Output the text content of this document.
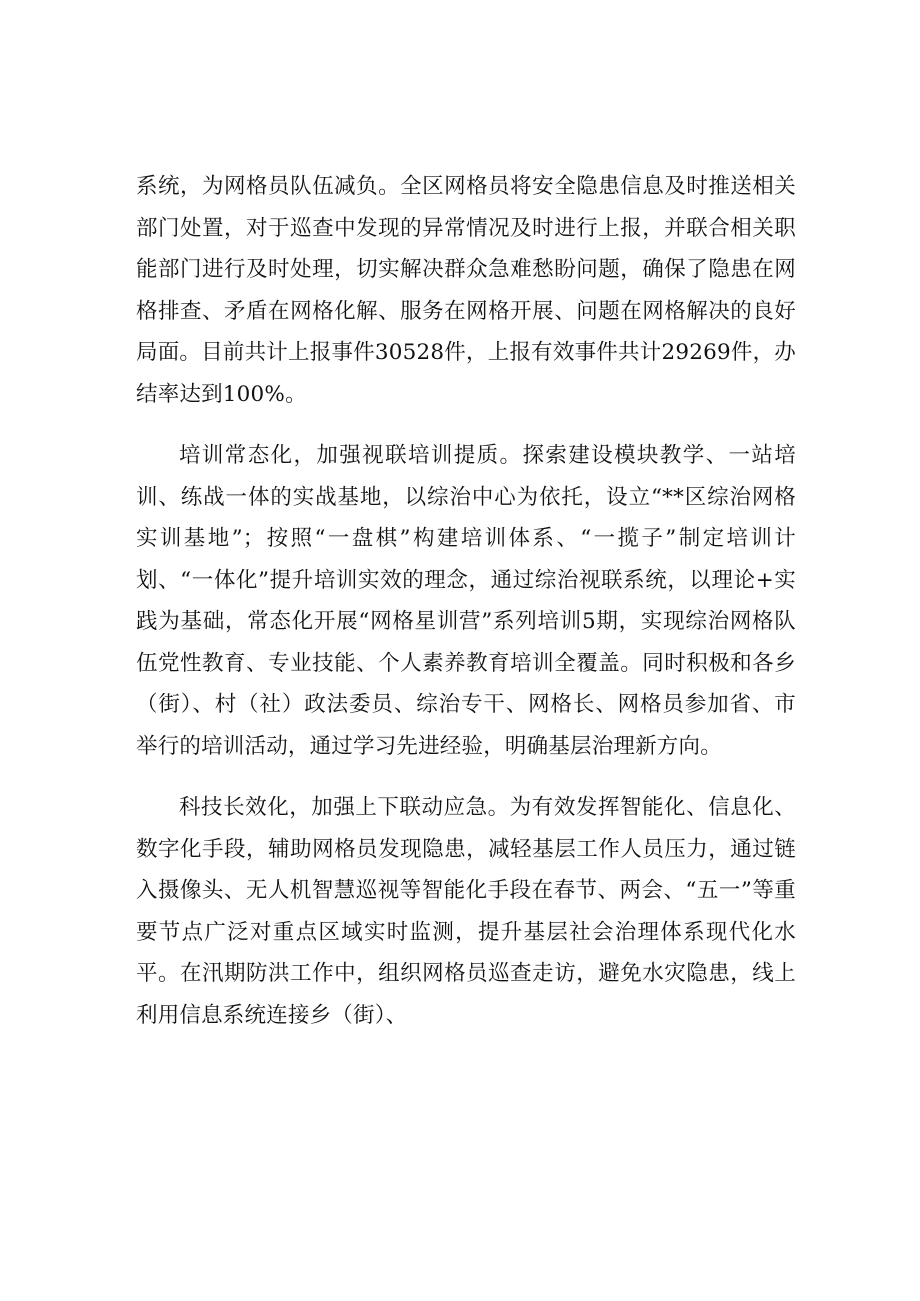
系统，为网格员队伍减负。全区网格员将安全隐患信息及时推送相关部门处置，对于巡查中发现的异常情况及时进行上报，并联合相关职能部门进行及时处理，切实解决群众急难愁盼问题，确保了隐患在网格排查、矛盾在网格化解、服务在网格开展、问题在网格解决的良好局面。目前共计上报事件30528件，上报有效事件共计29269件，办结率达到100%。

培训常态化，加强视联培训提质。探索建设模块教学、一站培训、练战一体的实战基地，以综治中心为依托，设立“**区综治网格实训基地”；按照“一盘棋”构建培训体系、“一揽子”制定培训计划、“一体化”提升培训实效的理念，通过综治视联系统，以理论+实践为基础，常态化开展“网格星训营”系列培训5期，实现综治网格队伍党性教育、专业技能、个人素养教育培训全覆盖。同时积极和各乡（街）、村（社）政法委员、综治专干、网格长、网格员参加省、市举行的培训活动，通过学习先进经验，明确基层治理新方向。

科技长效化，加强上下联动应急。为有效发挥智能化、信息化、数字化手段，辅助网格员发现隐患，减轻基层工作人员压力，通过链入摄像头、无人机智慧巡视等智能化手段在春节、两会、“五一”等重要节点广泛对重点区域实时监测，提升基层社会治理体系现代化水平。在汛期防洪工作中，组织网格员巡查走访，避免水灾隐患，线上利用信息系统连接乡（街）、
